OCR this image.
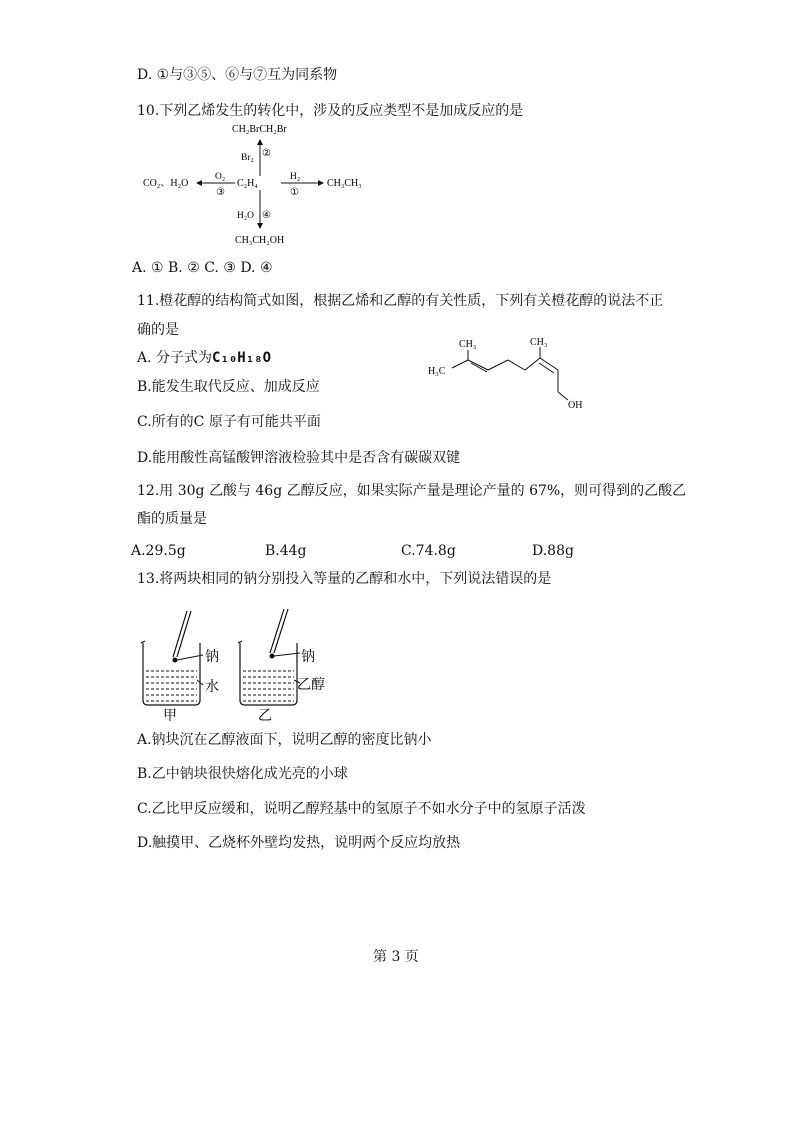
D. ①与③⑤、⑥与⑦互为同系物
10.下列乙烯发生的转化中，涉及的反应类型不是加成反应的是
C₂H₄
CH₂BrCH₂Br
Br₂ ②
H₂
①
CH₃CH₃
O₂
③
CO₂、H₂O
H₂O ④
CH₃CH₂OH
A. ① B. ② C. ③ D. ④
11.橙花醇的结构简式如图，根据乙烯和乙醇的有关性质，下列有关橙花醇的说法不正
确的是
A. 分子式为C₁₀H₁₈O
B.能发生取代反应、加成反应
C.所有的C 原子有可能共平面
D.能用酸性高锰酸钾溶液检验其中是否含有碳碳双键
CH₃
H₃C
CH₃
OH
12.用 30g 乙酸与 46g 乙醇反应，如果实际产量是理论产量的 67%，则可得到的乙酸乙
酯的质量是
A.29.5g	B.44g	C.74.8g	D.88g
13.将两块相同的钠分别投入等量的乙醇和水中，下列说法错误的是
钠
水
甲
钠
乙醇
乙
A.钠块沉在乙醇液面下，说明乙醇的密度比钠小
B.乙中钠块很快熔化成光亮的小球
C.乙比甲反应缓和，说明乙醇羟基中的氢原子不如水分子中的氢原子活泼
D.触摸甲、乙烧杯外壁均发热，说明两个反应均放热
第 3 页
